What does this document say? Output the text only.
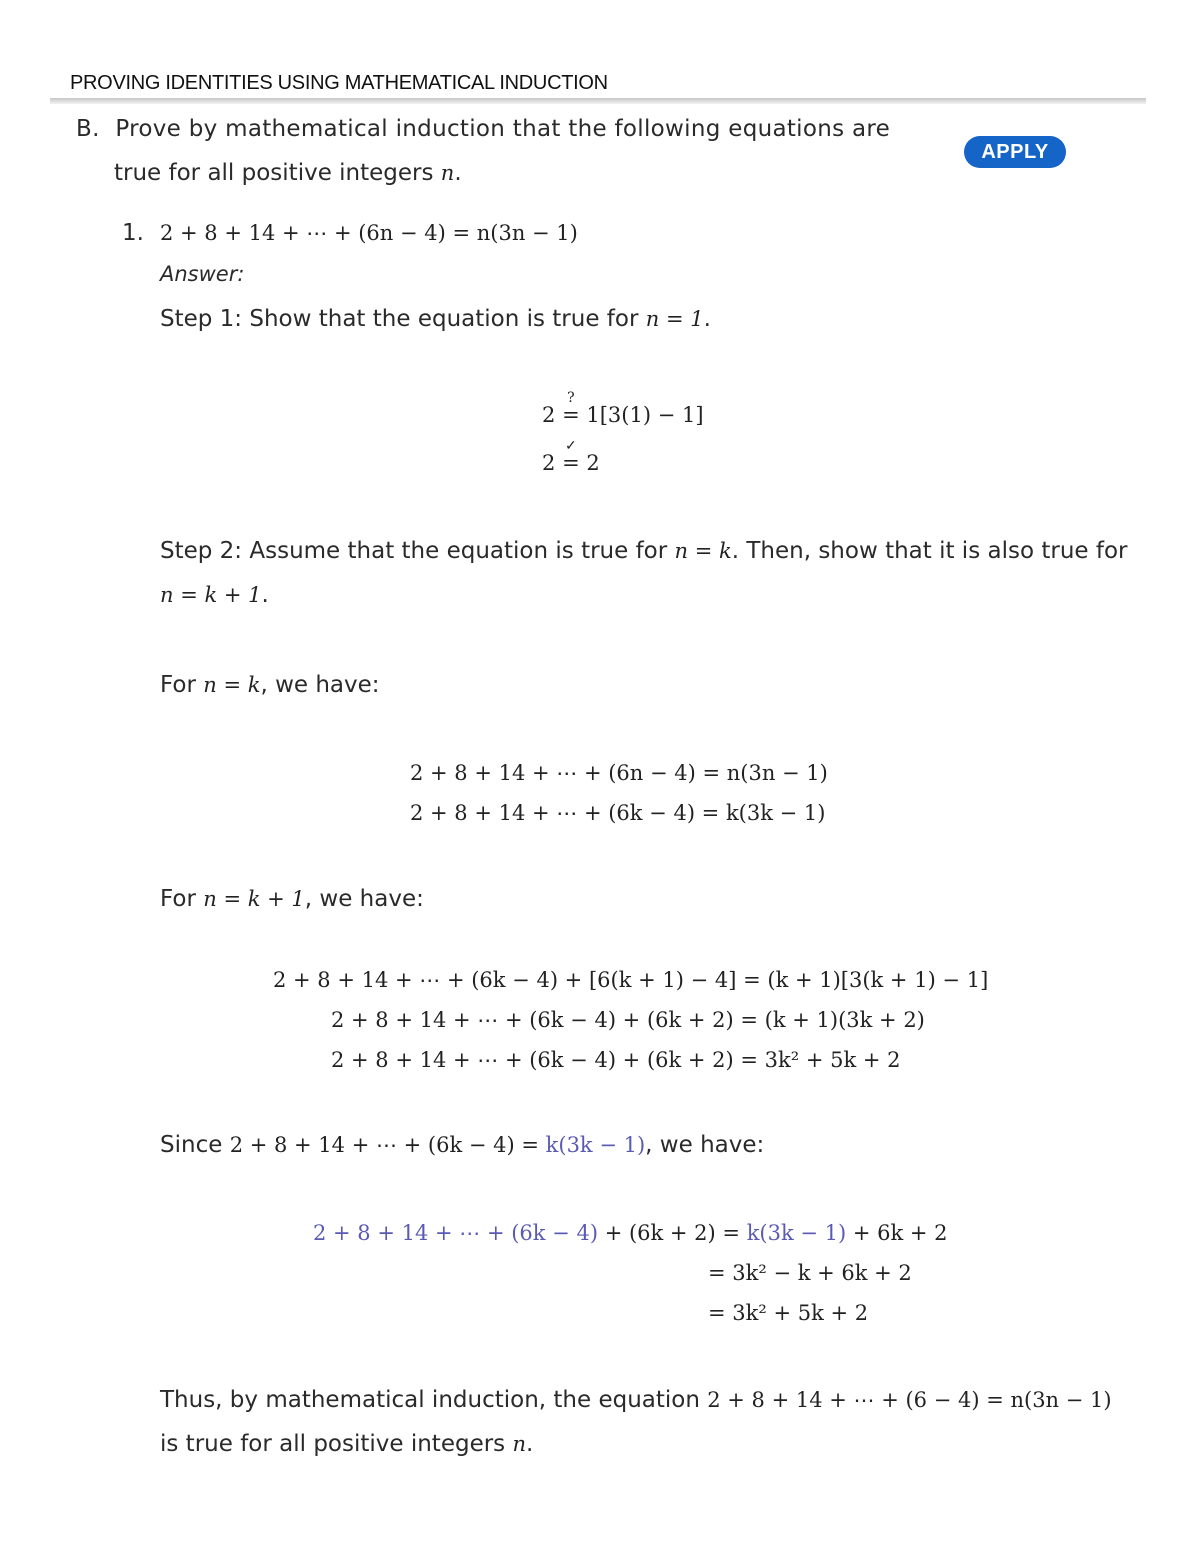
PROVING IDENTITIES USING MATHEMATICAL INDUCTION
APPLY
B. Prove by mathematical induction that the following equations are
true for all positive integers n.
1. 2 + 8 + 14 + ⋯ + (6n − 4) = n(3n − 1)
Answer:
Step 1: Show that the equation is true for n = 1.
2
?
= 1[3(1) − 1]
2
✓
= 2
Step 2: Assume that the equation is true for n = k. Then, show that it is also true for
n = k + 1.
For n = k, we have:
2 + 8 + 14 + ⋯ + (6n − 4) = n(3n − 1)
2 + 8 + 14 + ⋯ + (6k − 4) = k(3k − 1)
For n = k + 1, we have:
2 + 8 + 14 + ⋯ + (6k − 4) + [6(k + 1) − 4] = (k + 1)[3(k + 1) − 1]
2 + 8 + 14 + ⋯ + (6k − 4) + (6k + 2) = (k + 1)(3k + 2)
2 + 8 + 14 + ⋯ + (6k − 4) + (6k + 2) = 3k² + 5k + 2
Since 2 + 8 + 14 + ⋯ + (6k − 4) = k(3k − 1), we have:
2 + 8 + 14 + ⋯ + (6k − 4) + (6k + 2) = k(3k − 1) + 6k + 2
= 3k² − k + 6k + 2
= 3k² + 5k + 2
Thus, by mathematical induction, the equation 2 + 8 + 14 + ⋯ + (6 − 4) = n(3n − 1)
is true for all positive integers n.
